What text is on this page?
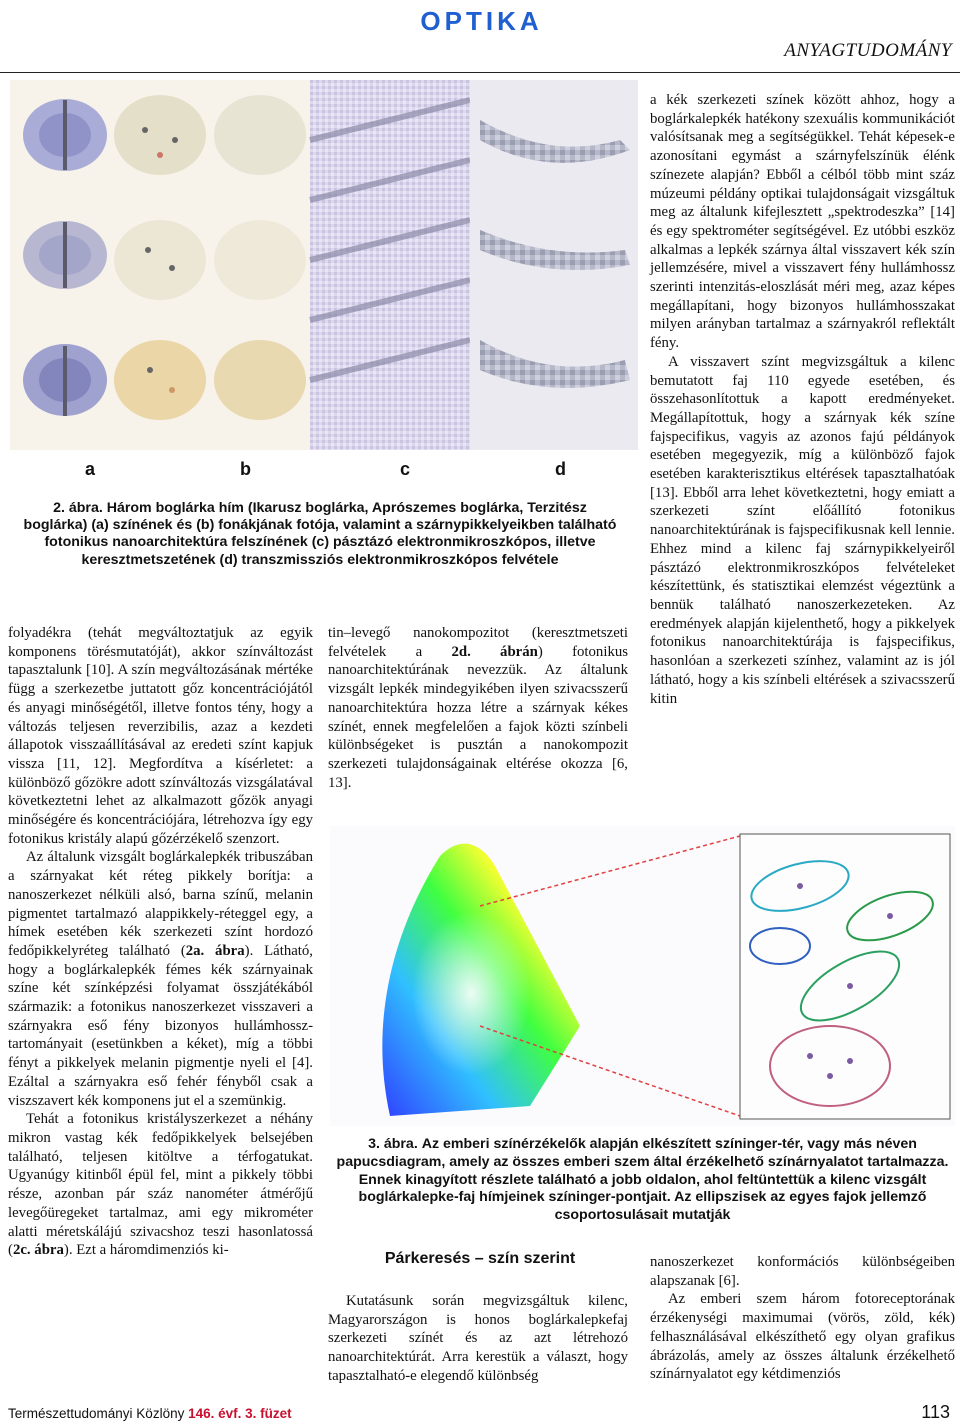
O P T I K A
ANYAGTUDOMÁNY
a	b	c	d
2. ábra. Három boglárka hím (Ikarusz boglárka, Aprószemes boglárka, Terzitész boglárka) (a) színének és (b) fonákjának fotója, valamint a szárnypikkelyeikben található fotonikus nanoarchitektúra felszínének (c) pásztázó elektronmikroszkópos, illetve keresztmetszetének (d) transzmissziós elektronmikroszkópos felvétele

a kék szerkezeti színek között ahhoz, hogy a boglárkalepkék hatékony szexuális kommunikációt valósítsanak meg a segítségükkel. Tehát képesek-e azonosítani egymást a szárnyfelszínük élénk színezete alapján? Ebből a célból több mint száz múzeumi példány optikai tulajdonságait vizsgáltuk meg az általunk kifejlesztett „spektrodeszka” [14] és egy spektrométer segítségével. Ez utóbbi eszköz alkalmas a lepkék szárnya által visszavert kék szín jellemzésére, mivel a visszavert fény hullámhossz szerinti intenzitás-eloszlását méri meg, azaz képes megállapítani, hogy bizonyos hullámhosszakat milyen arányban tartalmaz a szárnyakról reflektált fény.

A visszavert színt megvizsgáltuk a kilenc bemutatott faj 110 egyede esetében, és összehasonlítottuk a kapott eredményeket. Megállapítottuk, hogy a szárnyak kék színe fajspecifikus, vagyis az azonos fajú példányok esetében megegyezik, míg a különböző fajok esetében karakterisztikus eltérések tapasztalhatóak [13]. Ebből arra lehet következtetni, hogy emiatt a szerkezeti színt előállító fotonikus nanoarchitektúrának is fajspecifikusnak kell lennie. Ehhez mind a kilenc faj szárnypikkelyeiről pásztázó elektronmikroszkópos felvételeket készítettünk, és statisztikai elemzést végeztünk a bennük található nanoszerkezeteken. Az eredmények alapján kijelenthető, hogy a pikkelyek fotonikus nanoarchitektúrája is fajspecifikus, hasonlóan a szerkezeti színhez, valamint az is jól látható, hogy a kis színbeli eltérések a szivacsszerű kitin

folyadékra (tehát megváltoztatjuk az egyik komponens törésmutatóját), akkor színváltozást tapasztalunk [10]. A szín megváltozásának mértéke függ a szerkezetbe juttatott gőz koncentrációjától és anyagi minőségétől, illetve fontos tény, hogy a változás teljesen reverzibilis, azaz a kezdeti állapotok visszaállításával az eredeti színt kapjuk vissza [11, 12]. Megfordítva a kísérletet: a különböző gőzökre adott színváltozás vizsgálatával következtetni lehet az alkalmazott gőzök anyagi minőségére és koncentrációjára, létrehozva így egy fotonikus kristály alapú gőzérzékelő szenzort.

Az általunk vizsgált boglárkalepkék tribuszában a szárnyakat két réteg pikkely borítja: a nanoszerkezet nélküli alsó, barna színű, melanin pigmentet tartalmazó alappikkely-réteggel egy, a hímek esetében kék szerkezeti színt hordozó fedőpikkelyréteg található (2a. ábra). Látható, hogy a boglárkalepkék fémes kék szárnyainak színe két színképzési folyamat összjátékából származik: a fotonikus nanoszerkezet visszaveri a szárnyakra eső fény bizonyos hullámhossz-tartományait (esetünkben a kéket), míg a többi fényt a pikkelyek melanin pigmentje nyeli el [4]. Ezáltal a szárnyakra eső fehér fényből csak a viszszavert kék komponens jut el a szemünkig.

Tehát a fotonikus kristályszerkezet a néhány mikron vastag kék fedőpikkelyek belsejében található, teljesen kitöltve a térfogatukat. Ugyanúgy kitinből épül fel, mint a pikkely többi része, azonban pár száz nanométer átmérőjű levegőüregeket tartalmaz, ami egy mikrométer alatti méretskálájú szivacshoz teszi hasonlatossá (2c. ábra). Ezt a háromdimenziós ki-

tin–levegő nanokompozitot (keresztmetszeti felvételek a 2d. ábrán) fotonikus nanoarchitektúrának nevezzük. Az általunk vizsgált lepkék mindegyikében ilyen szivacsszerű nanoarchitektúra hozza létre a szárnyak kékes színét, ennek megfelelően a fajok közti színbeli különbségeket is pusztán a nanokompozit szerkezeti tulajdonságainak eltérése okozza [6, 13].

3. ábra. Az emberi színérzékelők alapján elkészített színinger-tér, vagy más néven papucsdiagram, amely az összes emberi szem által érzékelhető színárnyalatot tartalmazza. Ennek kinagyított részlete található a jobb oldalon, ahol feltüntettük a kilenc vizsgált boglárkalepke-faj hímjeinek színinger-pontjait. Az ellipszisek az egyes fajok jellemző csoportosulásait mutatják
Párkeresés – szín szerint

Kutatásunk során megvizsgáltuk kilenc, Magyarországon is honos boglárkalepkefaj szerkezeti színét és az azt létrehozó nanoarchitektúrát. Arra kerestük a választ, hogy tapasztalható-e elegendő különbség

nanoszerkezet konformációs különbségeiben alapszanak [6].

Az emberi szem három fotoreceptorának érzékenységi maximumai (vörös, zöld, kék) felhasználásával elkészíthető egy olyan grafikus ábrázolás, amely az összes általunk érzékelhető színárnyalatot egy kétdimenziós

Természettudományi Közlöny 146. évf. 3. füzet	113
